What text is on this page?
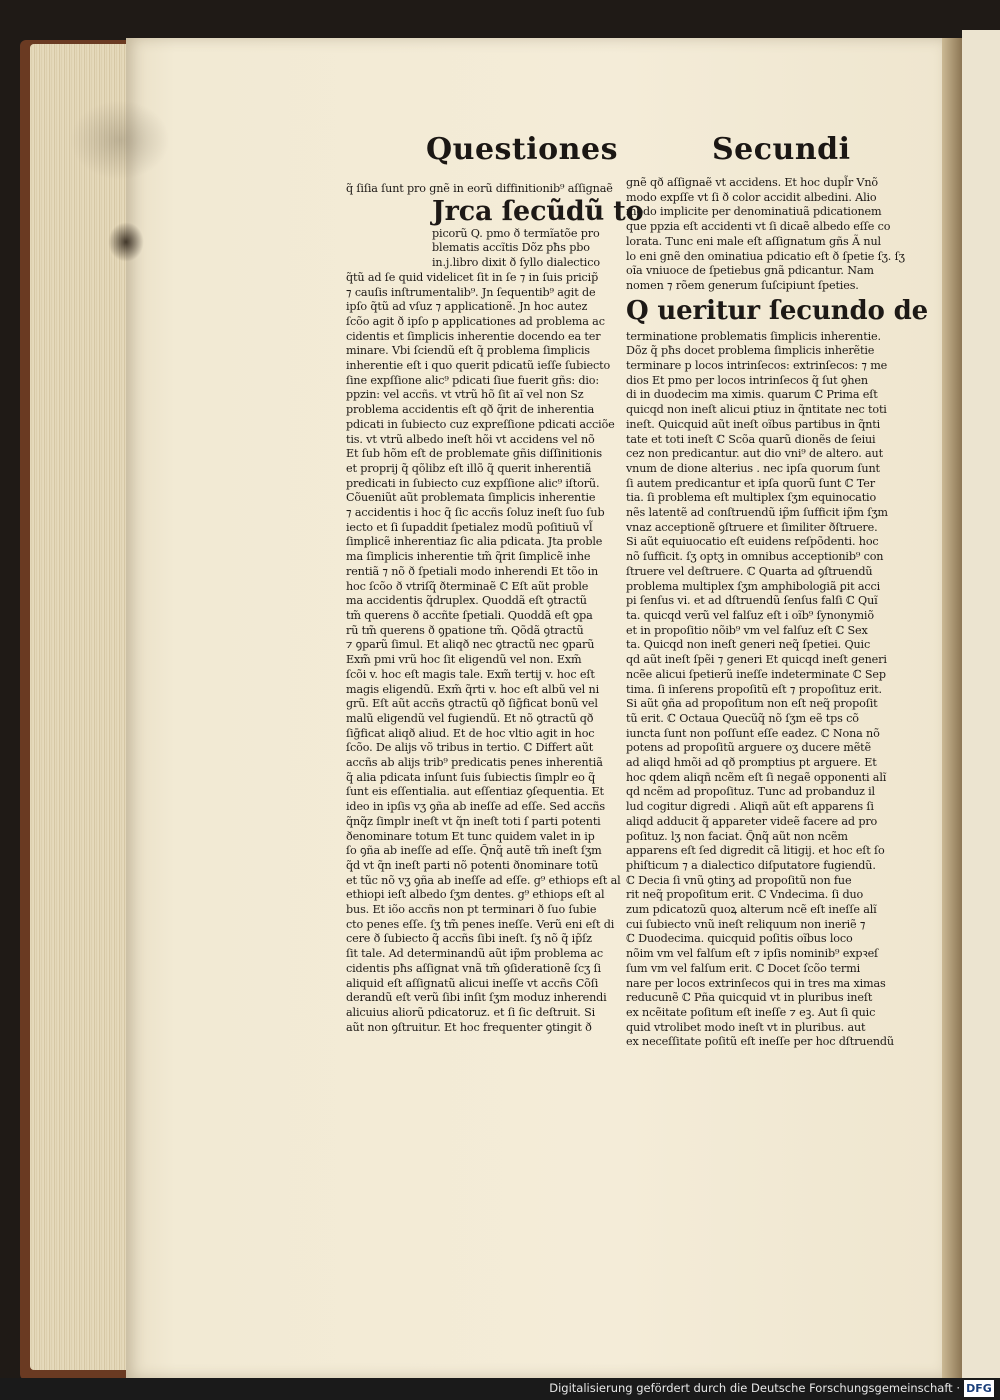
Questiones	Secundi
q̃ ſiſia ſunt pro gnẽ in eorũ diffinitionib⁹ aſſignaẽ
Jrca ſecũdũ to
picorũ Q. pmo ð termĩatõe pro
blematis accĩtis Dõz pħs pbo
in.j.libro dixit ð ſyllo dialectico
q̃tũ ad ſe quid videlicet ſit in ſe ⁊ in ſuis pricip̃
⁊ cauſis inſtrumentalib⁹. Jn ſequentib⁹ agit de
ipſo q̃tũ ad vſuz ⁊ applicationẽ. Jn hoc autez
ſcõo agit ð ipſo p applicationes ad problema ac
cidentis et ſimplicis inherentie docendo ea ter
minare. Vbi ſciendũ eſt q̃ problema ſimplicis
inherentie eſt i quo querit pdicatũ ieſſe ſubiecto
ſine expſſione alic⁹ pdicati ſiue fuerit gñs: dio:
ppzin: vel accñs. vt vtrũ hõ ſit aĩ vel non Sz
problema accidentis eſt qð q̃rit de inherentia
pdicati in ſubiecto cuz expreſſione pdicati acciõe
tis. vt vtrũ albedo ineſt hõi vt accidens vel nõ
Et ſub hõm eſt de problemate gñis diſſinitionis
et proprij q̃ qõlibz eſt illõ q̃ querit inherentiã
predicati in ſubiecto cuz expſſione alic⁹ iſtorũ.
Cõueniũt aũt problemata ſimplicis inherentie
⁊ accidentis i hoc q̃ ſic accñs ſoluz ineſt ſuo ſub
iecto et ſi ſupaddit ſpetialez modũ poſitiuũ vl̃
ſimplicẽ inherentiaz ſic alia pdicata. Jta proble
ma ſimplicis inherentie tm̃ q̃rit ſimplicẽ inhe
rentiã ⁊ nõ ð ſpetiali modo inherendi Et tõo in
hoc ſcõo ð vtriſq̃ ðterminaẽ ℂ Eſt aũt proble
ma accidentis q̃druplex. Quoddã eſt ꝯtractũ
tm̃ querens ð accñte ſpetiali. Quoddã eſt ꝯpa
rũ tm̃ querens ð ꝯpatione tm̃. Qõdã ꝯtractũ
⁊ ꝯparũ ſimul. Et aliqð nec ꝯtractũ nec ꝯparũ
Exm̃ pmi vrũ hoc ſit eligendũ vel non. Exm̃
ſcõi v. hoc eſt magis tale. Exm̃ tertij v. hoc eſt
magis eligendũ. Exm̃ q̃rti v. hoc eſt albũ vel ni
grũ. Eſt aũt accñs ꝯtractũ qð ſiḡficat bonũ vel
malũ eligendũ vel fugiendũ. Et nõ ꝯtractũ qð
ſiḡficat aliqð aliud. Et de hoc vltio agit in hoc
ſcõo. De alijs võ tribus in tertio. ℂ Differt aũt
accñs ab alijs trib⁹ predicatis penes inherentiã
q̃ alia pdicata inſunt ſuis ſubiectis ſimplr eo q̃
ſunt eis eſſentialia. aut eſſentiaz ꝯſequentia. Et
ideo in ipſis vʒ ꝯña ab ineſſe ad eſſe. Sed accñs
q̃nq̃z ſimplr ineſt vt q̃n ineſt toti ſ parti potenti
ðenominare totum Et tunc quidem valet in ip
ſo ꝯña ab ineſſe ad eſſe. Q̃nq̃ autẽ tm̃ ineſt ſʒm
q̃d vt q̃n ineſt parti nõ potenti ðnominare totũ
et tũc nõ vʒ ꝯña ab ineſſe ad eſſe. g⁹ ethiops eſt al
ethiopi ieſt albedo ſʒm dentes. g⁹ ethiops eſt al
bus. Et iõo accñs non pt terminari ð ſuo ſubie
cto penes eſſe. ſʒ tm̃ penes ineſſe. Verũ eni eſt di
cere ð ſubiecto q̃ accñs ſibi ineſt. ſʒ nõ q̃ ip̃ſz
ſit tale. Ad determinandũ aũt ip̃m problema ac
cidentis pħs aſſignat vnã tm̃ ꝯſiderationẽ ſcʒ ſi
aliquid eſt aſſignatũ alicui ineſſe vt accñs Cõſi
derandũ eſt verũ ſibi inſit ſʒm moduz inherendi
alicuius aliorũ pdicatoruz. et ſi ſic deſtruit. Si
aũt non ꝯſtruitur. Et hoc frequenter ꝯtingit ð
gnẽ qð aſſignaẽ vt accidens. Et hoc dupl̃r Vnõ
modo expſſe vt ſi ð color accidit albedini. Alio
modo implicite per denominatiuã pdicationem
que ppzia eſt accidenti vt ſi dicaẽ albedo eſſe co
lorata. Tunc eni male eſt aſſignatum gñs Ã nul
lo eni gnẽ den ominatiua pdicatio eſt ð ſpetie ſʒ. ſʒ
oĩa vniuoce de ſpetiebus gnã pdicantur. Nam
nomen ⁊ rõem generum ſuſcipiunt ſpeties.
Q ueritur ſecundo de
terminatione problematis ſimplicis inherentie.
Dõz q̃ pħs docet problema ſimplicis inherẽtie
terminare p locos intrinſecos: extrinſecos: ⁊ me
dios Et pmo per locos intrinſecos q̃ ſut ꝯhen
di in duodecim ma ximis. quarum ℂ Prima eſt
quicqd non ineſt alicui ꝑtiuz in q̃ntitate nec toti
ineſt. Quicquid aũt ineſt oĩbus partibus in q̃nti
tate et toti ineſt ℂ Scõa quarũ dionẽs de ſeiui
cez non predicantur. aut dio vni⁹ de altero. aut
vnum de dione alterius . nec ipſa quorum ſunt
ſi autem predicantur et ipſa quorũ ſunt ℂ Ter
tia. ſi problema eſt multiplex ſʒm equinocatio
nẽs latentẽ ad conſtruendũ ip̃m ſufficit ip̃m ſʒm
vnaz acceptionẽ ꝯſtruere et ſimiliter ðſtruere.
Si aũt equiuocatio eſt euidens reſpõdenti. hoc
nõ ſufficit. ſʒ optʒ in omnibus acceptionib⁹ con
ſtruere vel deſtruere. ℂ Quarta ad ꝯſtruendũ
problema multiplex ſʒm amphibologiã ꝑit acci
pi ſenſus vi. et ad dſtruendũ ſenſus falſi ℂ Quĩ
ta. quicqd verũ vel falſuz eſt i oĩb⁹ ſynonymiõ
et in propoſitio nõib⁹ vm vel falſuz eſt ℂ Sex
ta. Quicqd non ineſt generi neq̃ ſpetiei. Quic
qd aũt ineſt ſpẽi ⁊ generi Et quicqd ineſt generi
ncẽe alicui ſpetierũ ineſſe indeterminate ℂ Sep
tima. ſi inſerens propoſitũ eſt ⁊ propoſituz erit.
Si aũt ꝯña ad propoſitum non eſt neq̃ propoſit
tũ erit. ℂ Octaua Quecũq̃ nõ ſʒm eẽ tps cõ
iuncta ſunt non poſſunt eſſe eadez. ℂ Nona nõ
potens ad propoſitũ arguere oʒ ducere mẽtẽ
ad aliqd hmõi ad qð promptius pt arguere. Et
hoc qdem aliqñ ncẽm eſt ſi negaẽ opponenti alĩ
qd ncẽm ad propoſituz. Tunc ad probanduz il
lud cogitur digredi . Aliqñ aũt eſt apparens ſi
aliqd adducit q̃ appareter videẽ facere ad pro
poſituz. lʒ non faciat. Q̃nq̃ aũt non ncẽm
apparens eſt ſed digredit cã litigij. et hoc eſt ſo
phiſticum ⁊ a dialectico diſputatore fugiendũ.
ℂ Decia ſi vnũ ꝯtinʒ ad propoſitũ non fue
rit neq̃ propoſitum erit. ℂ Vndecima. ſi duo
zum pdicatozũ quoꝝ alterum ncẽ eſt ineſſe alĩ
cui ſubiecto vnũ ineſt reliquum non ineriẽ ⁊
ℂ Duodecima. quicquid poſitis oĩbus loco
nõim vm vel falſum eſt ⁊ ipſis nominib⁹ expꝛeſ
ſum vm vel falſum erit. ℂ Docet ſcõo termi
nare per locos extrinſecos qui in tres ma ximas
reducunẽ ℂ Pña quicquid vt in pluribus ineſt
ex ncẽitate poſitum eſt ineſſe ⁊ eꝫ. Aut ſi quic
quid vtrolibet modo ineſt vt in pluribus. aut
ex neceſſitate poſitũ eſt ineſſe per hoc dſtruendũ
Digitalisierung gefördert durch die Deutsche Forschungsgemeinschaft · DFG
